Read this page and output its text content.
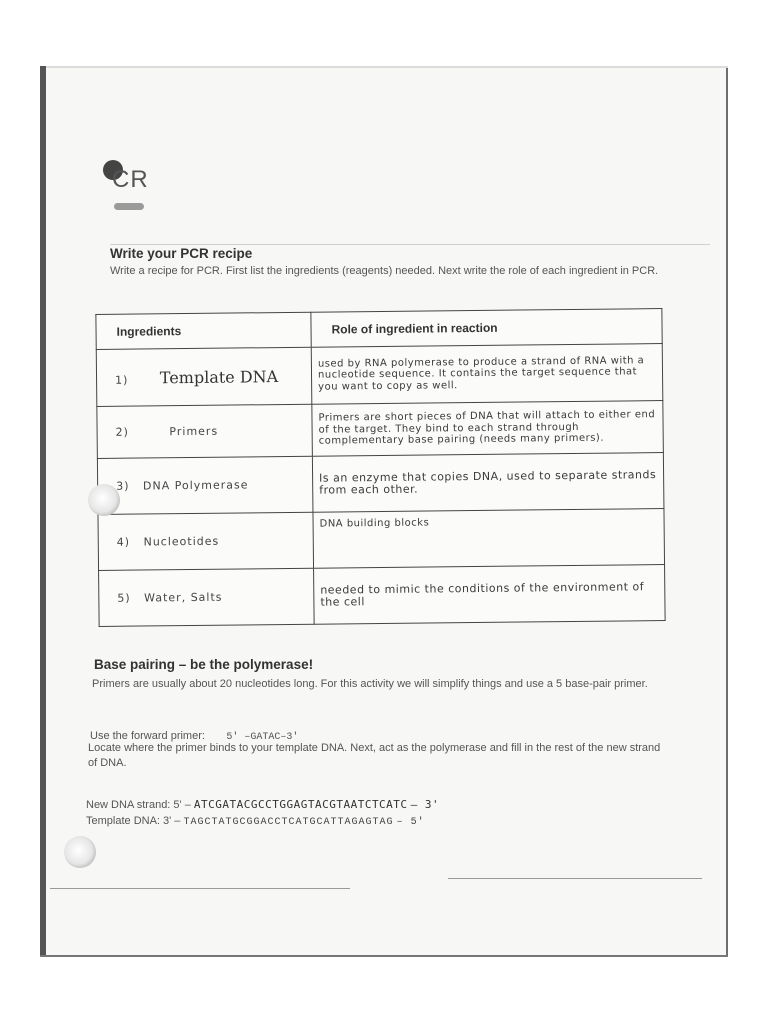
CR
Write your PCR recipe
Write a recipe for PCR. First list the ingredients (reagents) needed. Next write the role of each ingredient in PCR.
Ingredients	Role of ingredient in reaction
1) Template DNA	used by RNA polymerase to produce a strand of RNA with a nucleotide sequence. It contains the target sequence that you want to copy as well.
2) Primers	Primers are short pieces of DNA that will attach to either end of the target. They bind to each strand through complementary base pairing (needs many primers).
3) DNA Polymerase	Is an enzyme that copies DNA, used to separate strands from each other.
4) Nucleotides	DNA building blocks
5) Water, Salts	needed to mimic the conditions of the environment of the cell
Base pairing – be the polymerase!
Primers are usually about 20 nucleotides long. For this activity we will simplify things and use a 5 base-pair primer.
Use the forward primer: 5' –GATAC–3'
Locate where the primer binds to your template DNA. Next, act as the polymerase and fill in the rest of the new strand of DNA.
New DNA strand: 5' – ATCGATACGCCTGGAGTACGTAATCTCATC – 3'
Template DNA: 3' – TAGCTATGCGGACCTCATGCATTAGAGTAG – 5'
